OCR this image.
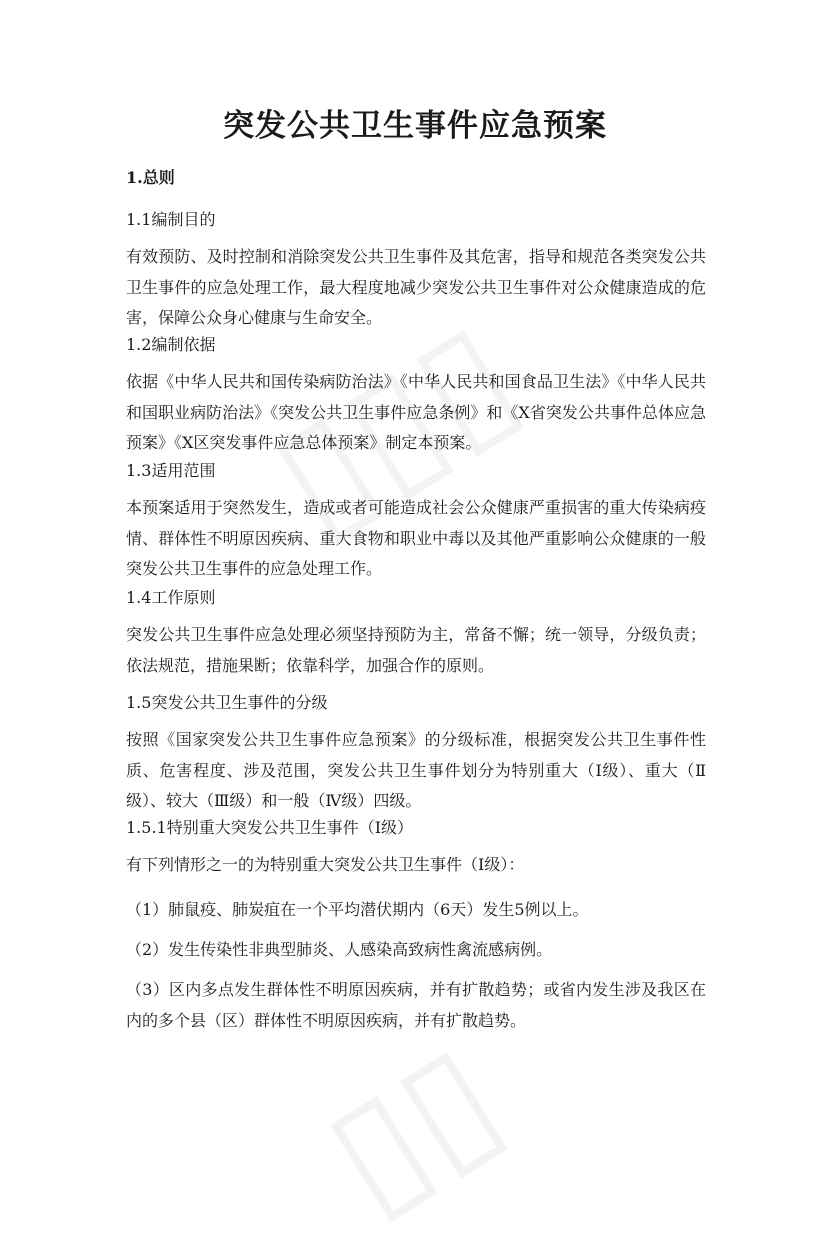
突发公共卫生事件应急预案

1.总则

1.1编制目的

有效预防、及时控制和消除突发公共卫生事件及其危害，指导和规范各类突发公共卫生事件的应急处理工作，最大程度地减少突发公共卫生事件对公众健康造成的危害，保障公众身心健康与生命安全。

1.2编制依据

依据《中华人民共和国传染病防治法》《中华人民共和国食品卫生法》《中华人民共和国职业病防治法》《突发公共卫生事件应急条例》和《X省突发公共事件总体应急预案》《X区突发事件应急总体预案》制定本预案。

1.3适用范围

本预案适用于突然发生，造成或者可能造成社会公众健康严重损害的重大传染病疫情、群体性不明原因疾病、重大食物和职业中毒以及其他严重影响公众健康的一般突发公共卫生事件的应急处理工作。

1.4工作原则

突发公共卫生事件应急处理必须坚持预防为主，常备不懈；统一领导，分级负责；依法规范，措施果断；依靠科学，加强合作的原则。

1.5突发公共卫生事件的分级

按照《国家突发公共卫生事件应急预案》的分级标准，根据突发公共卫生事件性质、危害程度、涉及范围，突发公共卫生事件划分为特别重大（Ⅰ级）、重大（Ⅱ级）、较大（Ⅲ级）和一般（Ⅳ级）四级。

1.5.1特别重大突发公共卫生事件（Ⅰ级）

有下列情形之一的为特别重大突发公共卫生事件（Ⅰ级）：

（1）肺鼠疫、肺炭疽在一个平均潜伏期内（6天）发生5例以上。

（2）发生传染性非典型肺炎、人感染高致病性禽流感病例。

（3）区内多点发生群体性不明原因疾病，并有扩散趋势；或省内发生涉及我区在内的多个县（区）群体性不明原因疾病，并有扩散趋势。
